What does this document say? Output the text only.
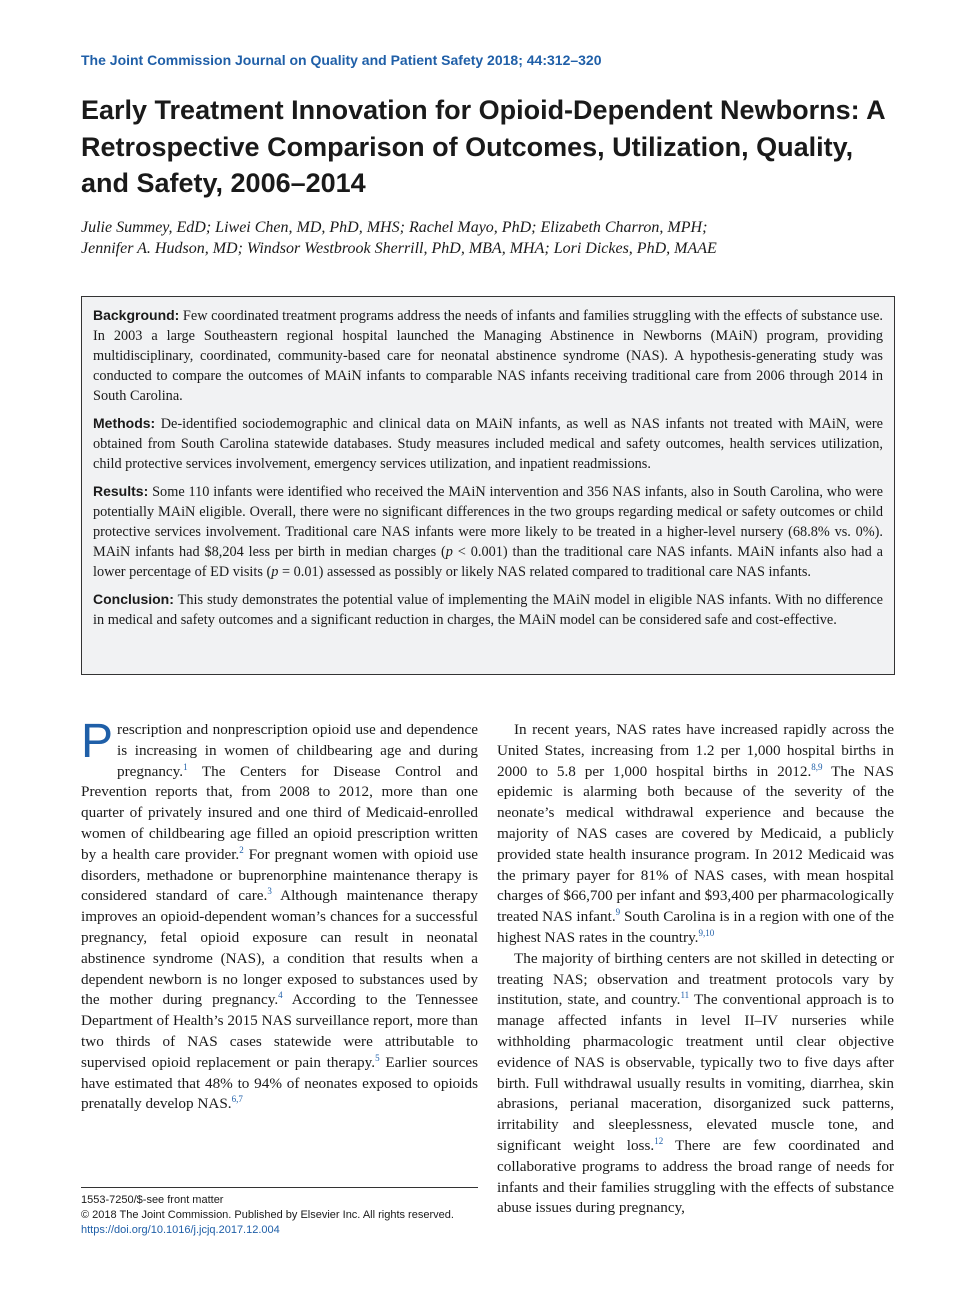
The Joint Commission Journal on Quality and Patient Safety 2018; 44:312–320
Early Treatment Innovation for Opioid-Dependent Newborns: A Retrospective Comparison of Outcomes, Utilization, Quality, and Safety, 2006–2014
Julie Summey, EdD; Liwei Chen, MD, PhD, MHS; Rachel Mayo, PhD; Elizabeth Charron, MPH;
Jennifer A. Hudson, MD; Windsor Westbrook Sherrill, PhD, MBA, MHA; Lori Dickes, PhD, MAAE

Background: Few coordinated treatment programs address the needs of infants and families struggling with the effects of substance use. In 2003 a large Southeastern regional hospital launched the Managing Abstinence in Newborns (MAiN) program, providing multidisciplinary, coordinated, community-based care for neonatal abstinence syndrome (NAS). A hypothesis-generating study was conducted to compare the outcomes of MAiN infants to comparable NAS infants receiving traditional care from 2006 through 2014 in South Carolina.

Methods: De-identified sociodemographic and clinical data on MAiN infants, as well as NAS infants not treated with MAiN, were obtained from South Carolina statewide databases. Study measures included medical and safety outcomes, health services utilization, child protective services involvement, emergency services utilization, and inpatient readmissions.

Results: Some 110 infants were identified who received the MAiN intervention and 356 NAS infants, also in South Carolina, who were potentially MAiN eligible. Overall, there were no significant differences in the two groups regarding medical or safety outcomes or child protective services involvement. Traditional care NAS infants were more likely to be treated in a higher-level nursery (68.8% vs. 0%). MAiN infants had $8,204 less per birth in median charges (p < 0.001) than the traditional care NAS infants. MAiN infants also had a lower percentage of ED visits (p = 0.01) assessed as possibly or likely NAS related compared to traditional care NAS infants.

Conclusion: This study demonstrates the potential value of implementing the MAiN model in eligible NAS infants. With no difference in medical and safety outcomes and a significant reduction in charges, the MAiN model can be considered safe and cost-effective.

Prescription and nonprescription opioid use and dependence is increasing in women of childbearing age and during pregnancy.$^1$ The Centers for Disease Control and Prevention reports that, from 2008 to 2012, more than one quarter of privately insured and one third of Medicaid-enrolled women of childbearing age filled an opioid prescription written by a health care provider.$^2$ For pregnant women with opioid use disorders, methadone or buprenorphine maintenance therapy is considered standard of care.$^3$ Although maintenance therapy improves an opioid-dependent woman’s chances for a successful pregnancy, fetal opioid exposure can result in neonatal abstinence syndrome (NAS), a condition that results when a dependent newborn is no longer exposed to substances used by the mother during pregnancy.$^4$ According to the Tennessee Department of Health’s 2015 NAS surveillance report, more than two thirds of NAS cases statewide were attributable to supervised opioid replacement or pain therapy.$^5$ Earlier sources have estimated that 48% to 94% of neonates exposed to opioids prenatally develop NAS.$^{6,7}$

In recent years, NAS rates have increased rapidly across the United States, increasing from 1.2 per 1,000 hospital births in 2000 to 5.8 per 1,000 hospital births in 2012.$^{8,9}$ The NAS epidemic is alarming both because of the severity of the neonate’s medical withdrawal experience and because the majority of NAS cases are covered by Medicaid, a publicly provided state health insurance program. In 2012 Medicaid was the primary payer for 81% of NAS cases, with mean hospital charges of $66,700 per infant and $93,400 per pharmacologically treated NAS infant.$^9$ South Carolina is in a region with one of the highest NAS rates in the country.$^{9,10}$

The majority of birthing centers are not skilled in detecting or treating NAS; observation and treatment protocols vary by institution, state, and country.$^{11}$ The conventional approach is to manage affected infants in level II–IV nurseries while withholding pharmacologic treatment until clear objective evidence of NAS is observable, typically two to five days after birth. Full withdrawal usually results in vomiting, diarrhea, skin abrasions, perianal maceration, disorganized suck patterns, irritability and sleeplessness, elevated muscle tone, and significant weight loss.$^{12}$ There are few coordinated and collaborative programs to address the broad range of needs for infants and their families struggling with the effects of substance abuse issues during pregnancy,

1553-7250/$-see front matter
© 2018 The Joint Commission. Published by Elsevier Inc. All rights reserved.
https://doi.org/10.1016/j.jcjq.2017.12.004
